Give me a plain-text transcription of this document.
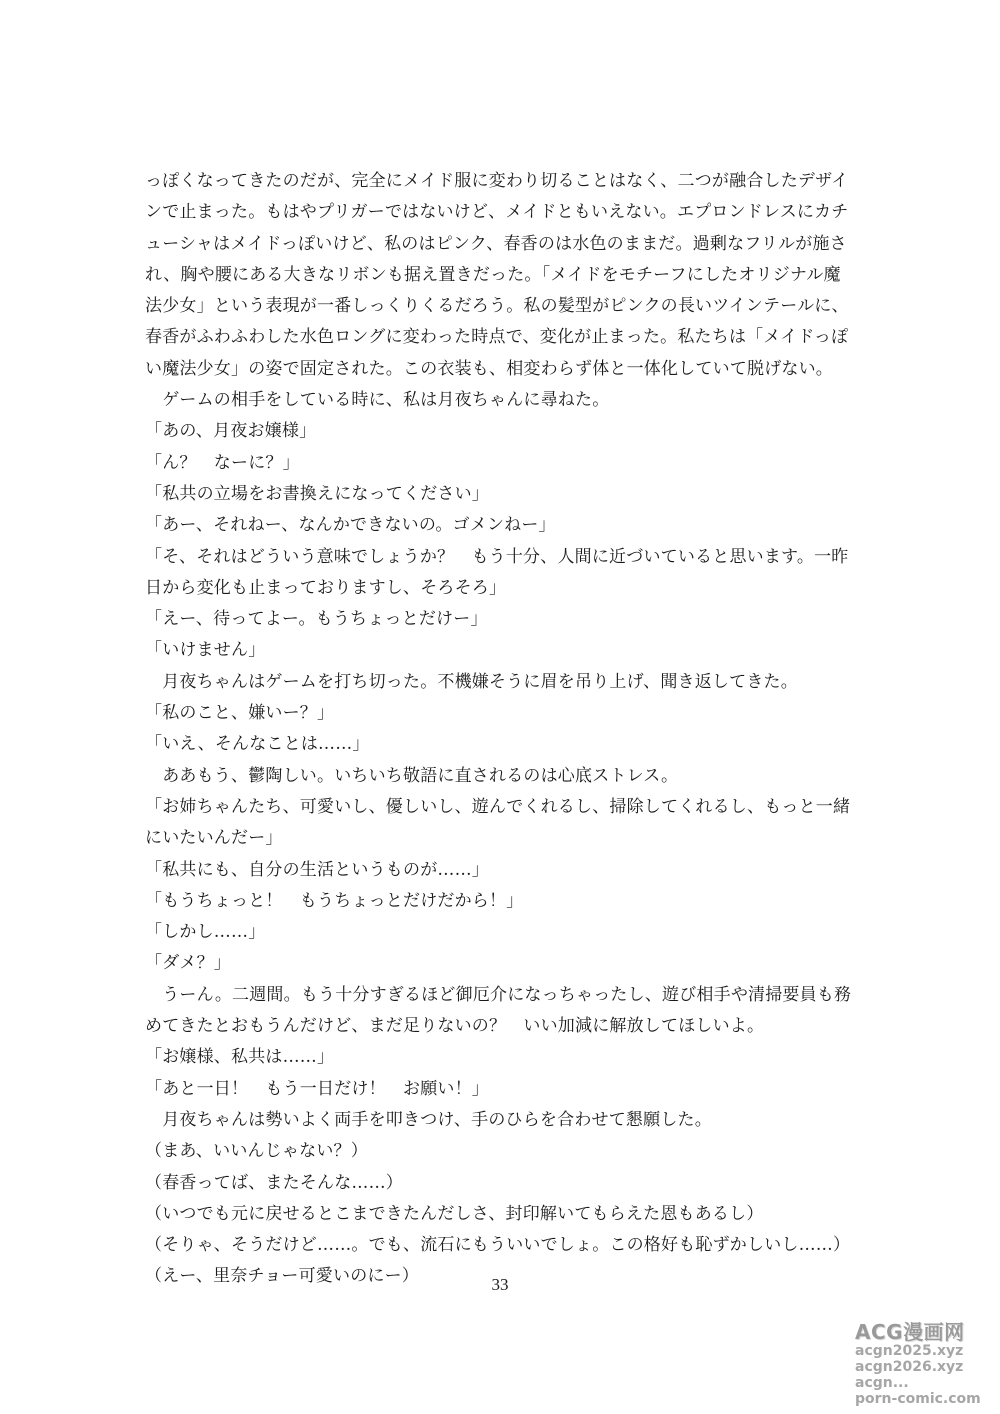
っぽくなってきたのだが、完全にメイド服に変わり切ることはなく、二つが融合したデザイ
ンで止まった。もはやプリガーではないけど、メイドともいえない。エプロンドレスにカチ
ューシャはメイドっぽいけど、私のはピンク、春香のは水色のままだ。過剰なフリルが施さ
れ、胸や腰にある大きなリボンも据え置きだった。「メイドをモチーフにしたオリジナル魔
法少女」という表現が一番しっくりくるだろう。私の髪型がピンクの長いツインテールに、
春香がふわふわした水色ロングに変わった時点で、変化が止まった。私たちは「メイドっぽ
い魔法少女」の姿で固定された。この衣装も、相変わらず体と一体化していて脱げない。
　ゲームの相手をしている時に、私は月夜ちゃんに尋ねた。
「あの、月夜お嬢様」
「ん？　なーに？」
「私共の立場をお書換えになってください」
「あー、それねー、なんかできないの。ゴメンねー」
「そ、それはどういう意味でしょうか？　もう十分、人間に近づいていると思います。一昨
日から変化も止まっておりますし、そろそろ」
「えー、待ってよー。もうちょっとだけー」
「いけません」
　月夜ちゃんはゲームを打ち切った。不機嫌そうに眉を吊り上げ、聞き返してきた。
「私のこと、嫌いー？」
「いえ、そんなことは……」
　ああもう、鬱陶しい。いちいち敬語に直されるのは心底ストレス。
「お姉ちゃんたち、可愛いし、優しいし、遊んでくれるし、掃除してくれるし、もっと一緒
にいたいんだー」
「私共にも、自分の生活というものが……」
「もうちょっと！　もうちょっとだけだから！」
「しかし……」
「ダメ？」
　うーん。二週間。もう十分すぎるほど御厄介になっちゃったし、遊び相手や清掃要員も務
めてきたとおもうんだけど、まだ足りないの？　いい加減に解放してほしいよ。
「お嬢様、私共は……」
「あと一日！　もう一日だけ！　お願い！」
　月夜ちゃんは勢いよく両手を叩きつけ、手のひらを合わせて懇願した。
（まあ、いいんじゃない？）
（春香ってば、またそんな……）
（いつでも元に戻せるとこまできたんだしさ、封印解いてもらえた恩もあるし）
（そりゃ、そうだけど……。でも、流石にもういいでしょ。この格好も恥ずかしいし……）
（えー、里奈チョー可愛いのにー）	33
ACG漫画网
acgn2025.xyz
acgn2026.xyz
acgn...
porn-comic.com
